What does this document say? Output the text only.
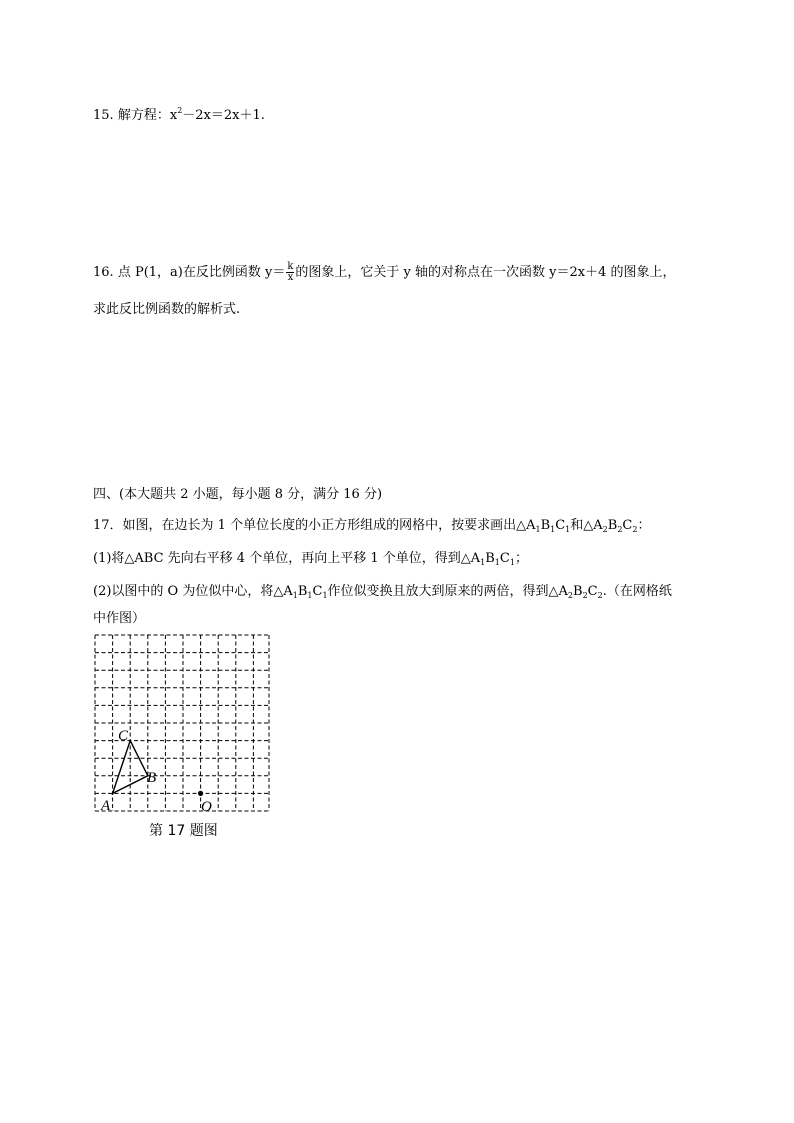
15. 解方程：$x^2-2x=2x+1$.
16. 点 P(1，a)在反比例函数 $y= \frac{k}{x}$ 的图象上，它关于 y 轴的对称点在一次函数 y＝2x＋4 的图象上，
求此反比例函数的解析式.
四、(本大题共 2 小题，每小题 8 分，满分 16 分)
17．如图，在边长为 1 个单位长度的小正方形组成的网格中，按要求画出$\triangle A_1B_1C_1$和$\triangle A_2B_2C_2$：
(1)将△ABC 先向右平移 4 个单位，再向上平移 1 个单位，得到$\triangle A_1B_1C_1$；
(2)以图中的 O 为位似中心，将$\triangle A_1B_1C_1$作位似变换且放大到原来的两倍，得到$\triangle A_2B_2C_2$.（在网格纸
中作图）
A
C
B
O
第 17 题图
